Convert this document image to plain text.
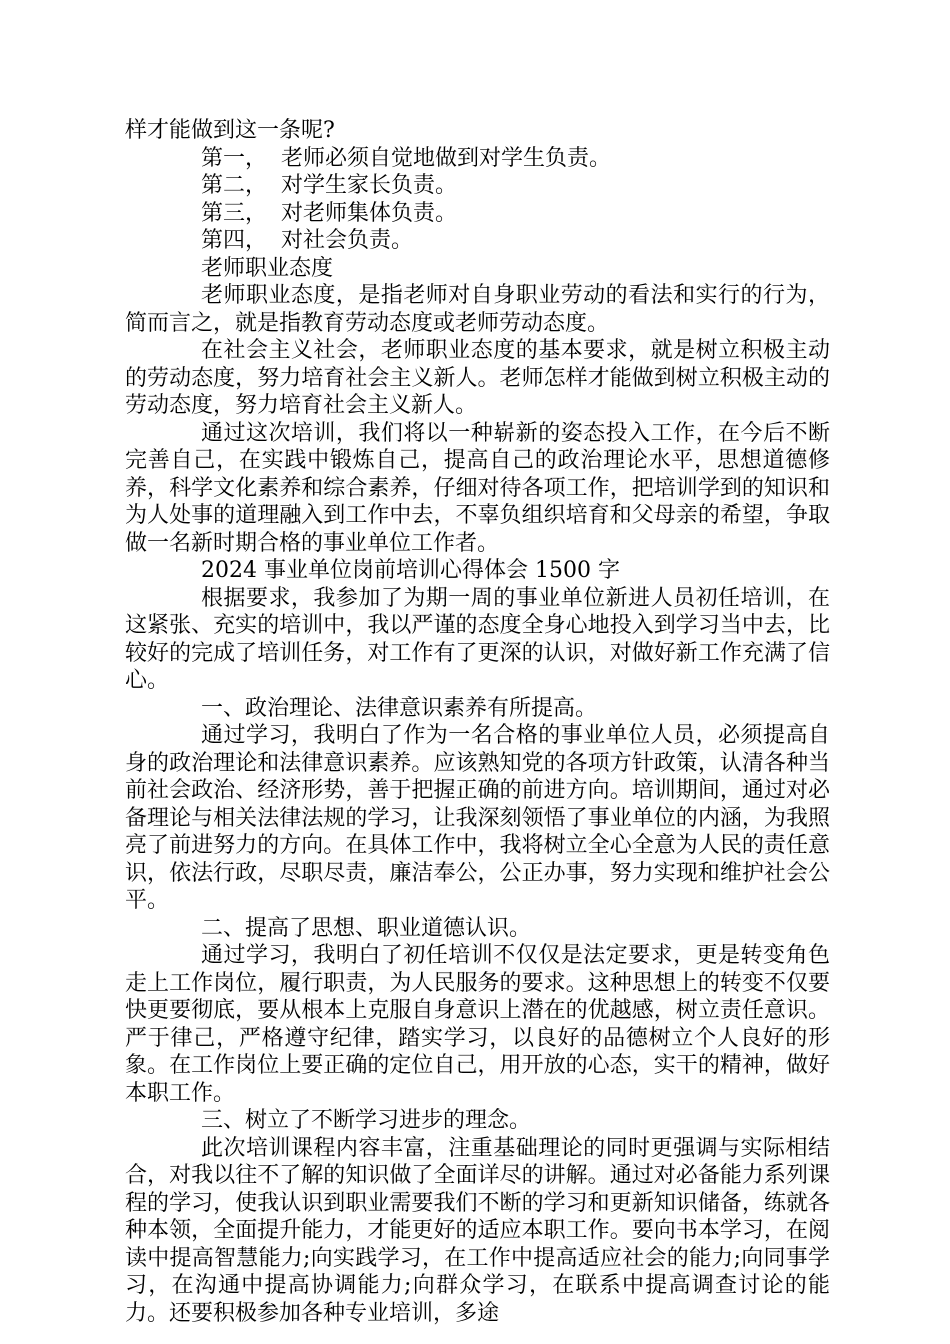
样才能做到这一条呢?

第一，  老师必须自觉地做到对学生负责。

第二，  对学生家长负责。

第三，  对老师集体负责。

第四，  对社会负责。

老师职业态度

老师职业态度，是指老师对自身职业劳动的看法和实行的行为，简而言之，就是指教育劳动态度或老师劳动态度。

在社会主义社会，老师职业态度的基本要求，就是树立积极主动的劳动态度，努力培育社会主义新人。老师怎样才能做到树立积极主动的劳动态度，努力培育社会主义新人。

通过这次培训，我们将以一种崭新的姿态投入工作，在今后不断完善自己，在实践中锻炼自己，提高自己的政治理论水平，思想道德修养，科学文化素养和综合素养，仔细对待各项工作，把培训学到的知识和为人处事的道理融入到工作中去，不辜负组织培育和父母亲的希望，争取做一名新时期合格的事业单位工作者。

2024 事业单位岗前培训心得体会 1500 字

根据要求，我参加了为期一周的事业单位新进人员初任培训，在这紧张、充实的培训中，我以严谨的态度全身心地投入到学习当中去，比较好的完成了培训任务，对工作有了更深的认识，对做好新工作充满了信心。

一、政治理论、法律意识素养有所提高。

通过学习，我明白了作为一名合格的事业单位人员，必须提高自身的政治理论和法律意识素养。应该熟知党的各项方针政策，认清各种当前社会政治、经济形势，善于把握正确的前进方向。培训期间，通过对必备理论与相关法律法规的学习，让我深刻领悟了事业单位的内涵，为我照亮了前进努力的方向。在具体工作中，我将树立全心全意为人民的责任意识，依法行政，尽职尽责，廉洁奉公，公正办事，努力实现和维护社会公平。

二、提高了思想、职业道德认识。

通过学习，我明白了初任培训不仅仅是法定要求，更是转变角色走上工作岗位，履行职责，为人民服务的要求。这种思想上的转变不仅要快更要彻底，要从根本上克服自身意识上潜在的优越感，树立责任意识。严于律己，严格遵守纪律，踏实学习，以良好的品德树立个人良好的形象。在工作岗位上要正确的定位自己，用开放的心态，实干的精神，做好本职工作。

三、树立了不断学习进步的理念。

此次培训课程内容丰富，注重基础理论的同时更强调与实际相结合，对我以往不了解的知识做了全面详尽的讲解。通过对必备能力系列课程的学习，使我认识到职业需要我们不断的学习和更新知识储备，练就各种本领，全面提升能力，才能更好的适应本职工作。要向书本学习，在阅读中提高智慧能力;向实践学习，在工作中提高适应社会的能力;向同事学习，在沟通中提高协调能力;向群众学习，在联系中提高调查讨论的能力。还要积极参加各种专业培训，多途
